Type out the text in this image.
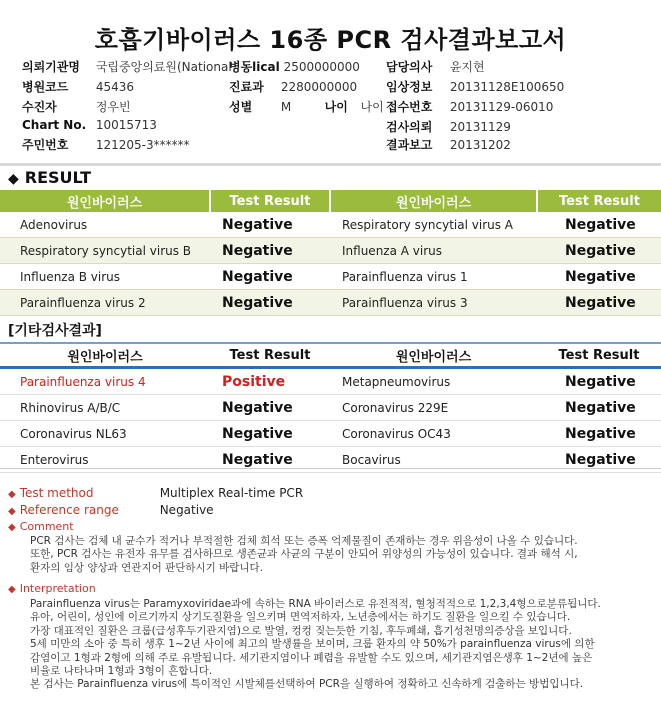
호흡기바이러스 16종 PCR 검사결과보고서
의뢰기관명 국립중앙의료원(National
병원코드 45436
수진자	정우빈
Chart No. 10015713
주민번호 121205-3******
병동lical 2500000000
진료과 2280000000
성별 M	나이 나이
담당의사 윤지현
임상정보 20131128E100650
접수번호 20131129-06010
검사의뢰 20131129
결과보고 20131202
◆ RESULT
원인바이러스	Test Result	원인바이러스	Test Result
Adenovirus	Negative	Respiratory syncytial virus A	Negative
Respiratory syncytial virus B	Negative	Influenza A virus	Negative
Influenza B virus	Negative	Parainfluenza virus 1	Negative
Parainfluenza virus 2	Negative	Parainfluenza virus 3	Negative
[기타검사결과]
원인바이러스	Test Result	원인바이러스	Test Result
Parainfluenza virus 4	Positive	Metapneumovirus	Negative
Rhinovirus A/B/C	Negative	Coronavirus 229E	Negative
Coronavirus NL63	Negative	Coronavirus OC43	Negative
Enterovirus	Negative	Bocavirus	Negative
◆ Test method	Multiplex Real-time PCR
◆ Reference range	Negative
◆ Comment
PCR 검사는 검체 내 균수가 적거나 부적절한 검체 희석 또는 증폭 억제물질이 존재하는 경우 위음성이 나올 수 있습니다.
또한, PCR 검사는 유전자 유무를 검사하므로 생존균과 사균의 구분이 안되어 위양성의 가능성이 있습니다. 결과 해석 시,
환자의 임상 양상과 연관지어 판단하시기 바랍니다.
◆ Interpretation
Parainfluenza virus는 Paramyxoviridae과에 속하는 RNA 바이러스로 유전적적, 혈청적적으로 1,2,3,4형으로분류됩니다.
유아, 어린이, 성인에 이르기까지 상기도질환을 일으키며 면역저하자, 노년층에서는 하기도 질환을 일으킬 수 있습니다.
가장 대표적인 질환은 크룹(급성후두기관지염)으로 발열, 컹컹 짖는듯한 기침, 후두폐쇄, 흡기성천명의증상을 보입니다.
5세 미만의 소아 중 특히 생후 1~2년 사이에 최고의 발생률을 보이며, 크룹 환자의 약 50%가 parainfluenza virus에 의한
감염이고 1형과 2형에 의해 주로 유발됩니다. 세기관지염이나 폐렴을 유발할 수도 있으며, 세기관지염은생후 1~2년에 높은
비율로 나타나며 1형과 3형이 흔합니다.
본 검사는 Parainfluenza virus에 특이적인 시발체를선택하여 PCR을 실행하여 정확하고 신속하게 검출하는 방법입니다.
